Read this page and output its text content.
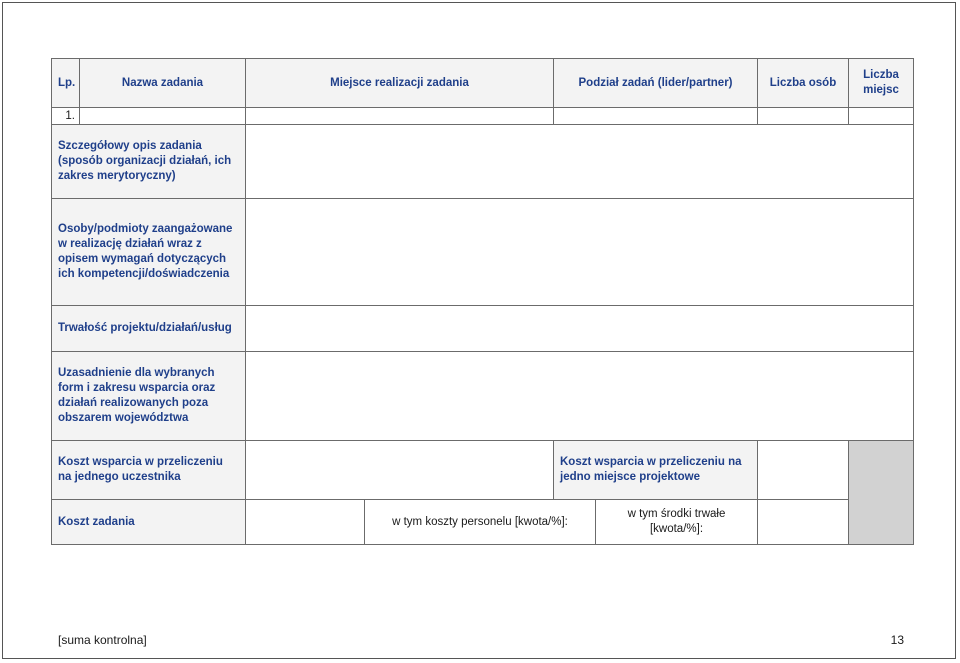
Lp.	Nazwa zadania	Miejsce realizacji zadania		Podział zadań (lider/partner)		Liczba osób	Liczba miejsc
1.							
Szczegółowy opis zadania (sposób organizacji działań, ich zakres merytoryczny)							
Osoby/podmioty zaangażowane w realizację działań wraz z opisem wymagań dotyczących ich kompetencji/doświadczenia							
Trwałość projektu/działań/usług							
Uzasadnienie dla wybranych form i zakresu wsparcia oraz działań realizowanych poza obszarem województwa							
Koszt wsparcia w przeliczeniu na jednego uczestnika				Koszt wsparcia w przeliczeniu na jedno miejsce projektowe			
Koszt zadania			w tym koszty personelu [kwota/%]:		w tym środki trwałe [kwota/%]:		
[suma kontrolna]	13
